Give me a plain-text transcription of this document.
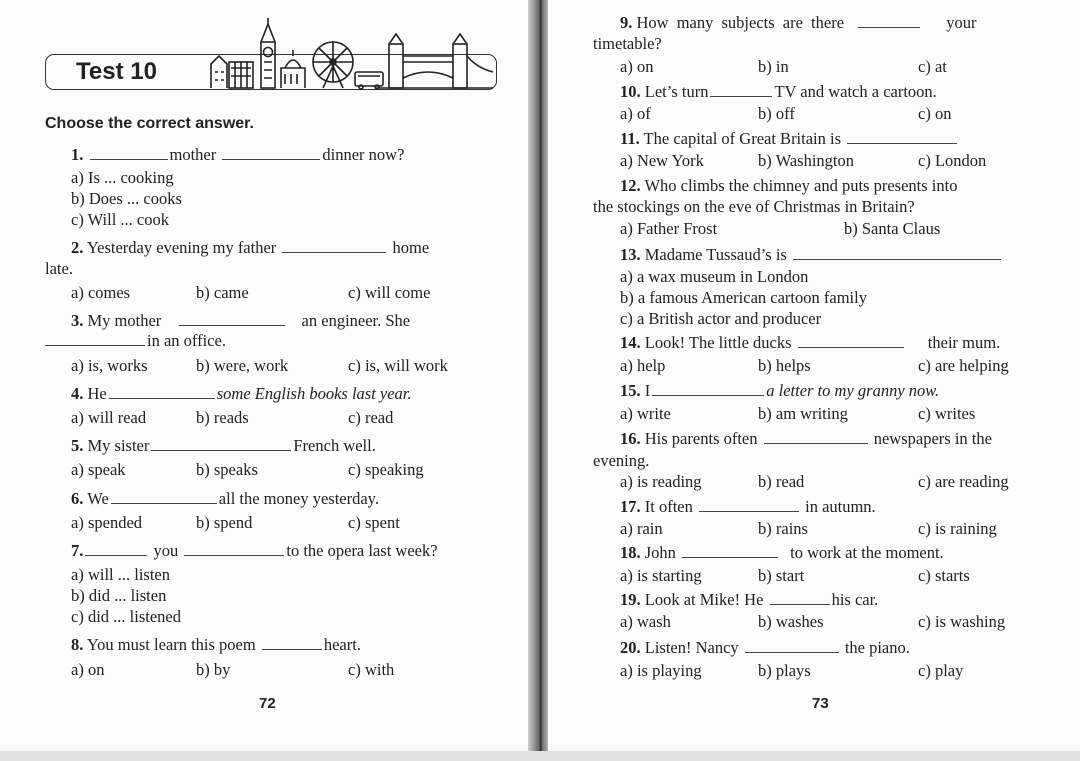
Test 10
Choose the correct answer.
1.	mother	dinner now?
a) Is ... cooking
b) Does ... cooks
c) Will ... cook
2. Yesterday evening my father	home
late.
a) comes	b) came	c) will come
3. My mother	an engineer. She
in an office.
a) is, works	b) were, work	c) is, will work
4. He	some English books last year.
a) will read	b) reads	c) read
5. My sister	French well.
a) speak	b) speaks	c) speaking
6. We	all the money yesterday.
a) spended	b) spend	c) spent
7.	you	to the opera last week?
a) will ... listen
b) did ... listen
c) did ... listened
8. You must learn this poem	heart.
a) on	b) by	c) with
72
9. How many subjects are there	your
timetable?
a) on	b) in	c) at
10. Let’s turn	TV and watch a cartoon.
a) of	b) off	c) on
11. The capital of Great Britain is
a) New York	b) Washington	c) London
12. Who climbs the chimney and puts presents into
the stockings on the eve of Christmas in Britain?
a) Father Frost	b) Santa Claus
13. Madame Tussaud’s is
a) a wax museum in London
b) a famous American cartoon family
c) a British actor and producer
14. Look! The little ducks	their mum.
a) help	b) helps	c) are helping
15. I	a letter to my granny now.
a) write	b) am writing	c) writes
16. His parents often	newspapers in the
evening.
a) is reading	b) read	c) are reading
17. It often	in autumn.
a) rain	b) rains	c) is raining
18. John	to work at the moment.
a) is starting	b) start	c) starts
19. Look at Mike! He	his car.
a) wash	b) washes	c) is washing
20. Listen! Nancy	the piano.
a) is playing	b) plays	c) play
73
